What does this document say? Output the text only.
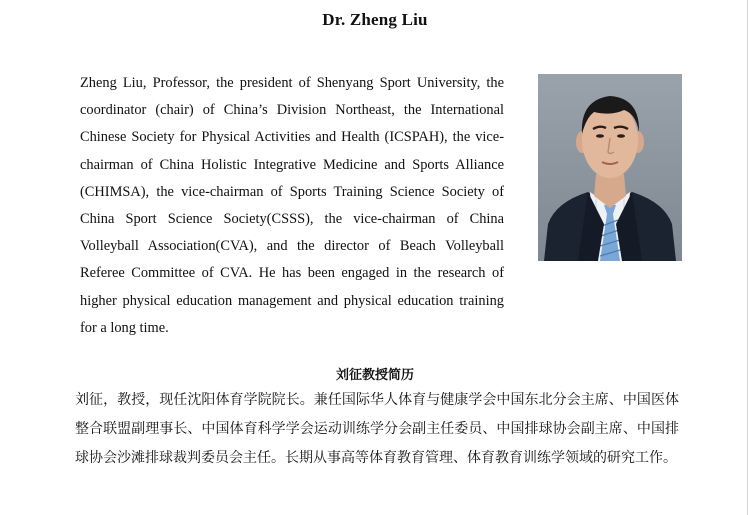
Dr. Zheng Liu

Zheng Liu, Professor, the president of Shenyang Sport University, the coordinator (chair) of China’s Division Northeast, the International Chinese Society for Physical Activities and Health (ICSPAH), the vice-chairman of China Holistic Integrative Medicine and Sports Alliance (CHIMSA), the vice-chairman of Sports Training Science Society of China Sport Science Society(CSSS), the vice-chairman of China Volleyball Association(CVA), and the director of Beach Volleyball Referee Committee of CVA. He has been engaged in the research of higher physical education management and physical education training for a long time.

刘征教授简历

刘征，教授，现任沈阳体育学院院长。兼任国际华人体育与健康学会中国东北分会主席、中国医体整合联盟副理事长、中国体育科学学会运动训练学分会副主任委员、中国排球协会副主席、中国排球协会沙滩排球裁判委员会主任。长期从事高等体育教育管理、体育教育训练学领域的研究工作。
